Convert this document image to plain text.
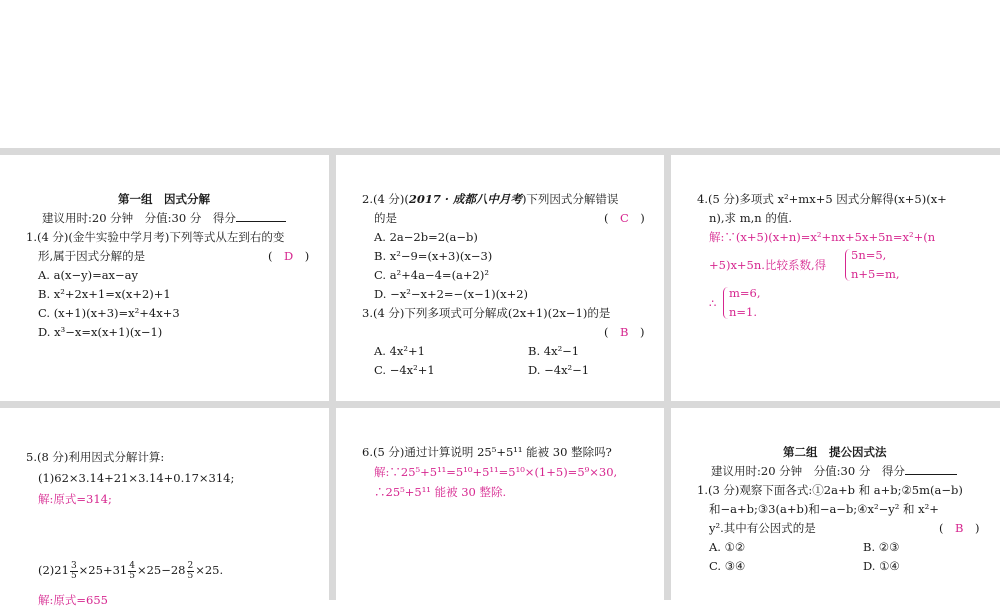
第一组　因式分解
建议用时:20 分钟　分值:30 分　得分
1.(4 分)(金牛实验中学月考)下列等式从左到右的变
形,属于因式分解的是	(　D　)
A. a(x−y)=ax−ay
B. x²+2x+1=x(x+2)+1
C. (x+1)(x+3)=x²+4x+3
D. x³−x=x(x+1)(x−1)
2.(4 分)(2017 · 成都八中月考)下列因式分解错误
的是	(　C　)
A. 2a−2b=2(a−b)
B. x²−9=(x+3)(x−3)
C. a²+4a−4=(a+2)²
D. −x²−x+2=−(x−1)(x+2)
3.(4 分)下列多项式可分解成(2x+1)(2x−1)的是
(　B　)
A. 4x²+1	B. 4x²−1
C. −4x²+1	D. −4x²−1
4.(5 分)多项式 x²+mx+5 因式分解得(x+5)(x+
n),求 m,n 的值.
解:∵(x+5)(x+n)=x²+nx+5x+5n=x²+(n
+5)x+5n.比较系数,得
5n=5,
n+5=m,
∴
m=6,
n=1.
5.(8 分)利用因式分解计算:
(1)62×3.14+21×3.14+0.17×314;
解:原式=314;
$(2)21 \frac{3}{5} \times 25+31 \frac{4}{5} \times 25-28 \frac{2}{5} \times 25$.
解:原式=655
6.(5 分)通过计算说明 25⁵+5¹¹ 能被 30 整除吗?
解:∵25⁵+5¹¹=5¹⁰+5¹¹=5¹⁰×(1+5)=5⁹×30,
∴25⁵+5¹¹ 能被 30 整除.
第二组　提公因式法
建议用时:20 分钟　分值:30 分　得分
1.(3 分)观察下面各式:①2a+b 和 a+b;②5m(a−b)
和−a+b;③3(a+b)和−a−b;④x²−y² 和 x²+
y².其中有公因式的是	(　B　)
A. ①②	B. ②③
C. ③④	D. ①④
